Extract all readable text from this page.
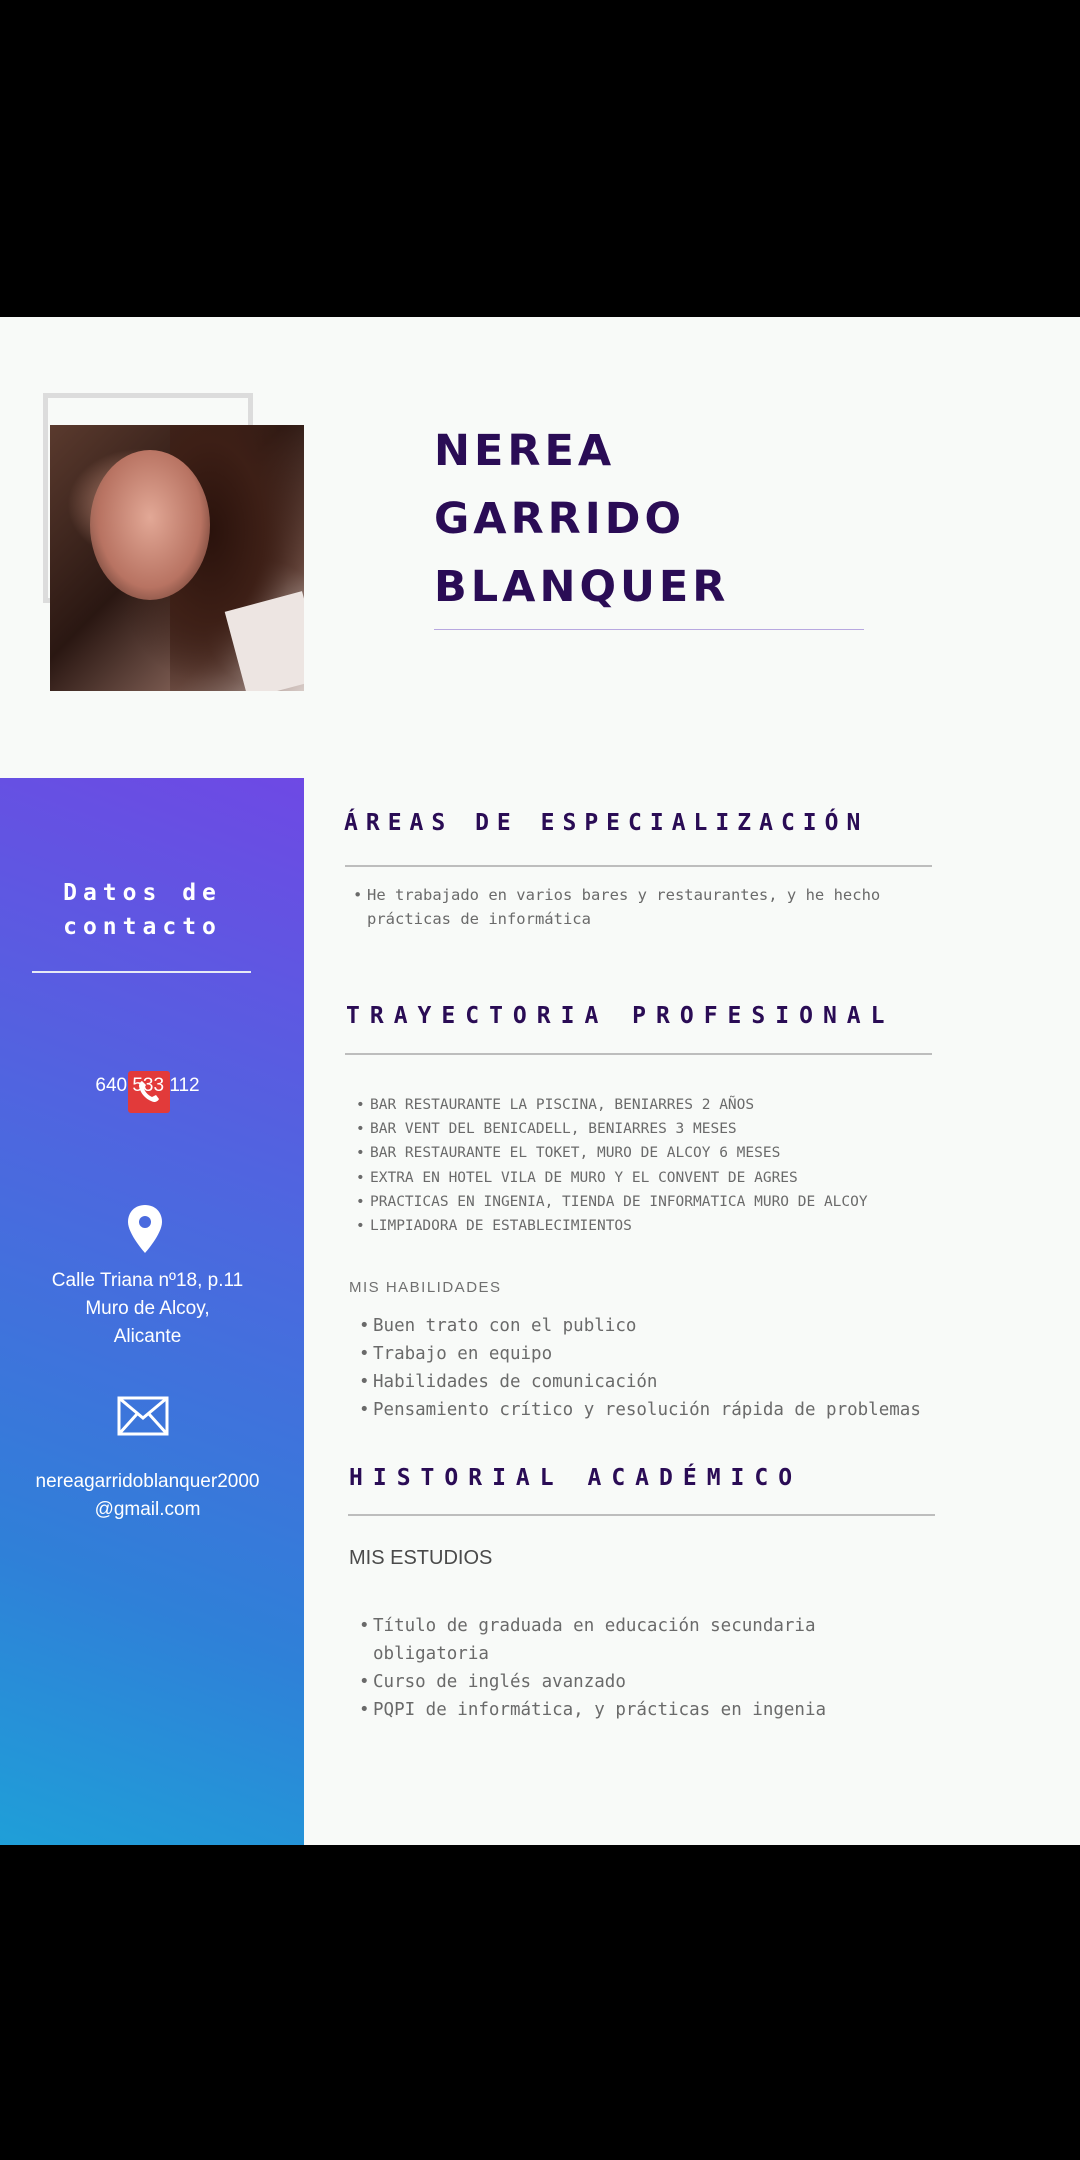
NEREA
GARRIDO
BLANQUER
Datos de
contacto
640 533 112
Calle Triana nº18, p.11
Muro de Alcoy,
Alicante
nereagarridoblanquer2000
@gmail.com
ÁREAS DE ESPECIALIZACIÓN
• He trabajado en varios bares y restaurantes, y he hecho prácticas de informática
TRAYECTORIA PROFESIONAL
• BAR RESTAURANTE LA PISCINA, BENIARRES 2 AÑOS
• BAR VENT DEL BENICADELL, BENIARRES 3 MESES
• BAR RESTAURANTE EL TOKET, MURO DE ALCOY 6 MESES
• EXTRA EN HOTEL VILA DE MURO Y EL CONVENT DE AGRES
• PRACTICAS EN INGENIA, TIENDA DE INFORMATICA MURO DE ALCOY
• LIMPIADORA DE ESTABLECIMIENTOS
MIS HABILIDADES
• Buen trato con el publico
• Trabajo en equipo
• Habilidades de comunicación
• Pensamiento crítico y resolución rápida de problemas
HISTORIAL ACADÉMICO
MIS ESTUDIOS
• Título de graduada en educación secundaria obligatoria
• Curso de inglés avanzado
• PQPI de informática, y prácticas en ingenia
